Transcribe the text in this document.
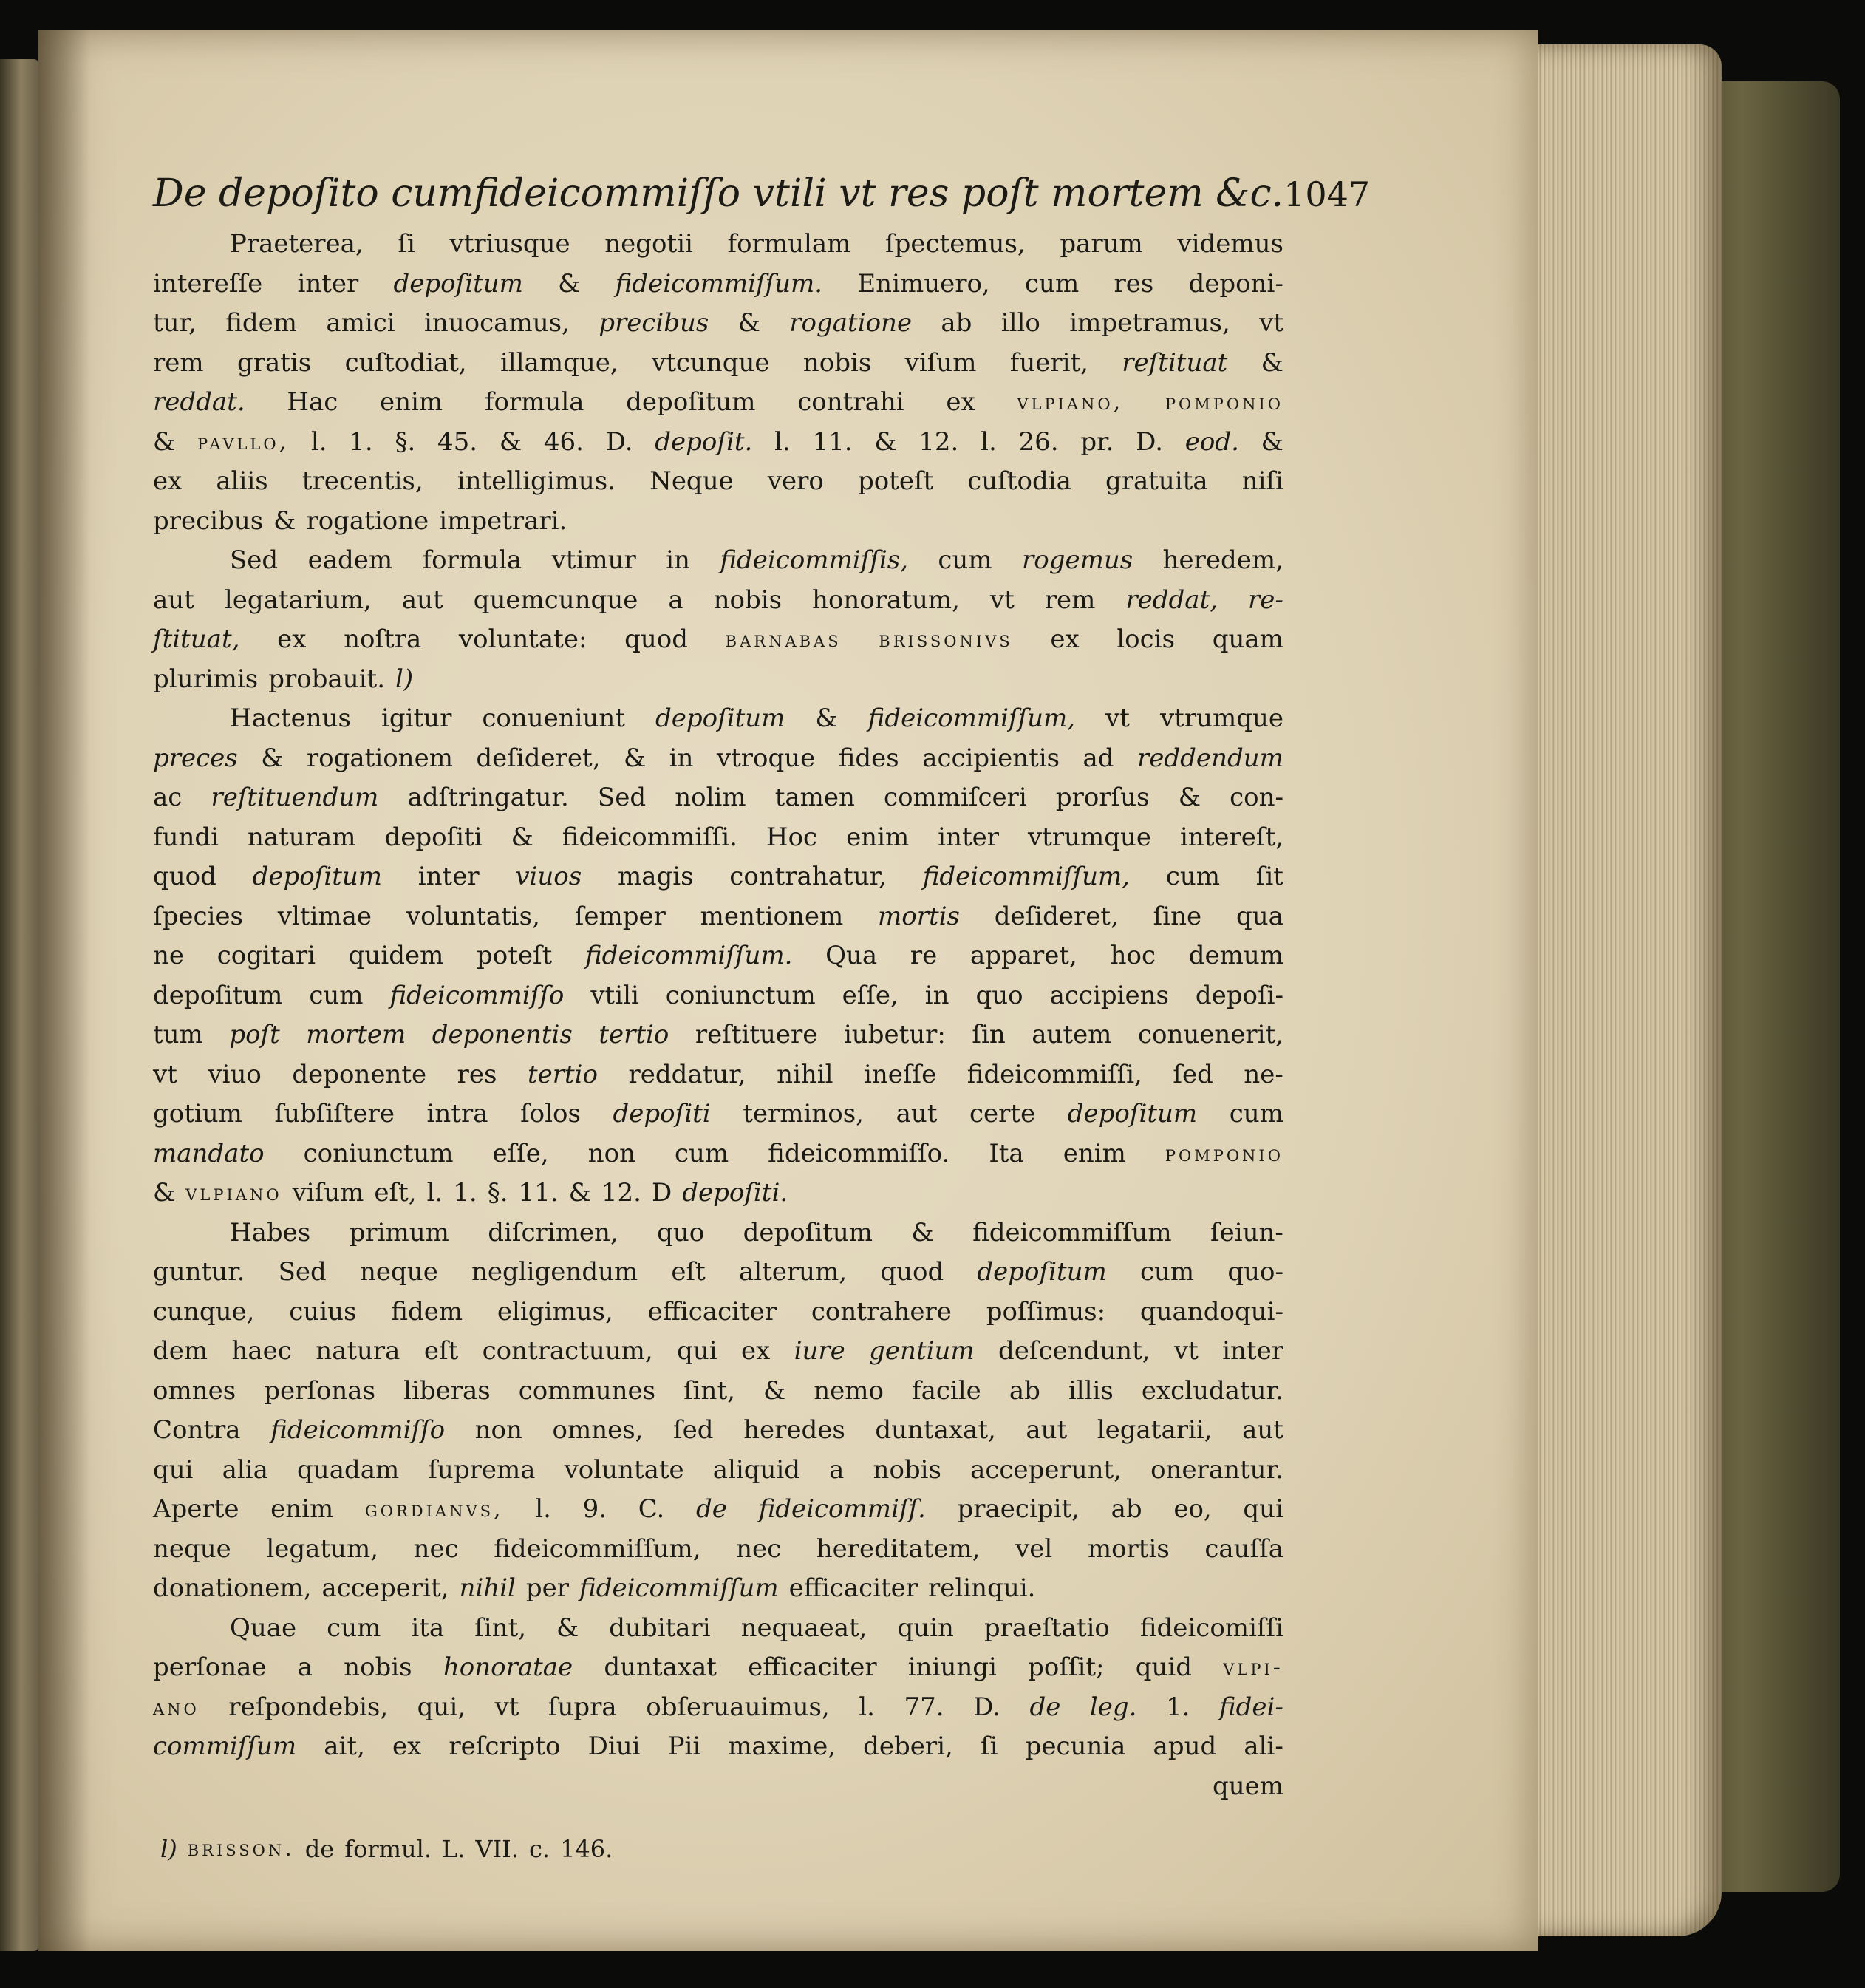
De depoſito cumfideicommiſſo vtili vt res poſt mortem &c. 1047
Praeterea, ſi vtriusque negotii formulam ſpectemus, parum videmus
intereſſe inter depoſitum & fideicommiſſum. Enimuero, cum res deponi-
tur, fidem amici inuocamus, precibus & rogatione ab illo impetramus, vt
rem gratis cuſtodiat, illamque, vtcunque nobis viſum fuerit, reſtituat &
reddat. Hac enim formula depoſitum contrahi ex vlpiano, pomponio
& pavllo, l. 1. §. 45. & 46. D. depoſit. l. 11. & 12. l. 26. pr. D. eod. &
ex aliis trecentis, intelligimus. Neque vero poteſt cuſtodia gratuita niſi
precibus & rogatione impetrari.
Sed eadem formula vtimur in fideicommiſſis, cum rogemus heredem,
aut legatarium, aut quemcunque a nobis honoratum, vt rem reddat, re-
ſtituat, ex noſtra voluntate: quod barnabas brissonivs ex locis quam
plurimis probauit. l)
Hactenus igitur conueniunt depoſitum & fideicommiſſum, vt vtrumque
preces & rogationem deſideret, & in vtroque fides accipientis ad reddendum
ac reſtituendum adſtringatur. Sed nolim tamen commiſceri prorſus & con-
fundi naturam depoſiti & fideicommiſſi. Hoc enim inter vtrumque intereſt,
quod depoſitum inter viuos magis contrahatur, fideicommiſſum, cum ſit
ſpecies vltimae voluntatis, ſemper mentionem mortis deſideret, ſine qua
ne cogitari quidem poteſt fideicommiſſum. Qua re apparet, hoc demum
depoſitum cum fideicommiſſo vtili coniunctum eſſe, in quo accipiens depoſi-
tum poſt mortem deponentis tertio reſtituere iubetur: ſin autem conuenerit,
vt viuo deponente res tertio reddatur, nihil ineſſe fideicommiſſi, ſed ne-
gotium ſubſiſtere intra ſolos depoſiti terminos, aut certe depoſitum cum
mandato coniunctum eſſe, non cum fideicommiſſo. Ita enim pomponio
& vlpiano viſum eſt, l. 1. §. 11. & 12. D depoſiti.
Habes primum diſcrimen, quo depoſitum & fideicommiſſum ſeiun-
guntur. Sed neque negligendum eſt alterum, quod depoſitum cum quo-
cunque, cuius fidem eligimus, efficaciter contrahere poſſimus: quandoqui-
dem haec natura eſt contractuum, qui ex iure gentium deſcendunt, vt inter
omnes perſonas liberas communes ſint, & nemo facile ab illis excludatur.
Contra fideicommiſſo non omnes, ſed heredes duntaxat, aut legatarii, aut
qui alia quadam ſuprema voluntate aliquid a nobis acceperunt, onerantur.
Aperte enim gordianvs, l. 9. C. de fideicommiſſ. praecipit, ab eo, qui
neque legatum, nec fideicommiſſum, nec hereditatem, vel mortis cauſſa
donationem, acceperit, nihil per fideicommiſſum efficaciter relinqui.
Quae cum ita ſint, & dubitari nequaeat, quin praeſtatio fideicomiſſi
perſonae a nobis honoratae duntaxat efficaciter iniungi poſſit; quid vlpi-
ano reſpondebis, qui, vt ſupra obſeruauimus, l. 77. D. de leg. 1. fidei-
commiſſum ait, ex reſcripto Diui Pii maxime, deberi, ſi pecunia apud ali-
quem
l) brisson. de formul. L. VII. c. 146.
